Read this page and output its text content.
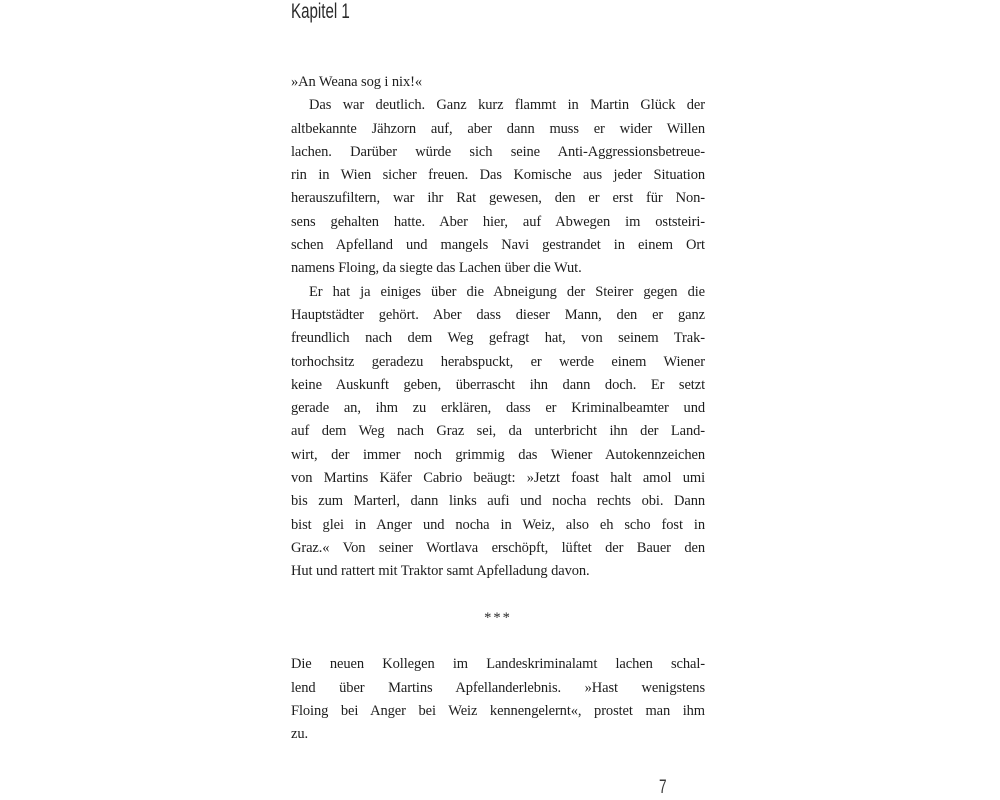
Kapitel 1
»An Weana sog i nix!«
Das war deutlich. Ganz kurz flammt in Martin Glück der
altbekannte Jähzorn auf, aber dann muss er wider Willen
lachen. Darüber würde sich seine Anti-Aggressionsbetreue-
rin in Wien sicher freuen. Das Komische aus jeder Situation
herauszufiltern, war ihr Rat gewesen, den er erst für Non-
sens gehalten hatte. Aber hier, auf Abwegen im oststeiri-
schen Apfelland und mangels Navi gestrandet in einem Ort
namens Floing, da siegte das Lachen über die Wut.
Er hat ja einiges über die Abneigung der Steirer gegen die
Hauptstädter gehört. Aber dass dieser Mann, den er ganz
freundlich nach dem Weg gefragt hat, von seinem Trak-
torhochsitz geradezu herabspuckt, er werde einem Wiener
keine Auskunft geben, überrascht ihn dann doch. Er setzt
gerade an, ihm zu erklären, dass er Kriminalbeamter und
auf dem Weg nach Graz sei, da unterbricht ihn der Land-
wirt, der immer noch grimmig das Wiener Autokennzeichen
von Martins Käfer Cabrio beäugt: »Jetzt foast halt amol umi
bis zum Marterl, dann links aufi und nocha rechts obi. Dann
bist glei in Anger und nocha in Weiz, also eh scho fost in
Graz.« Von seiner Wortlava erschöpft, lüftet der Bauer den
Hut und rattert mit Traktor samt Apfelladung davon.
***
Die neuen Kollegen im Landeskriminalamt lachen schal-
lend über Martins Apfellanderlebnis. »Hast wenigstens
Floing bei Anger bei Weiz kennengelernt«, prostet man ihm
zu.
7
